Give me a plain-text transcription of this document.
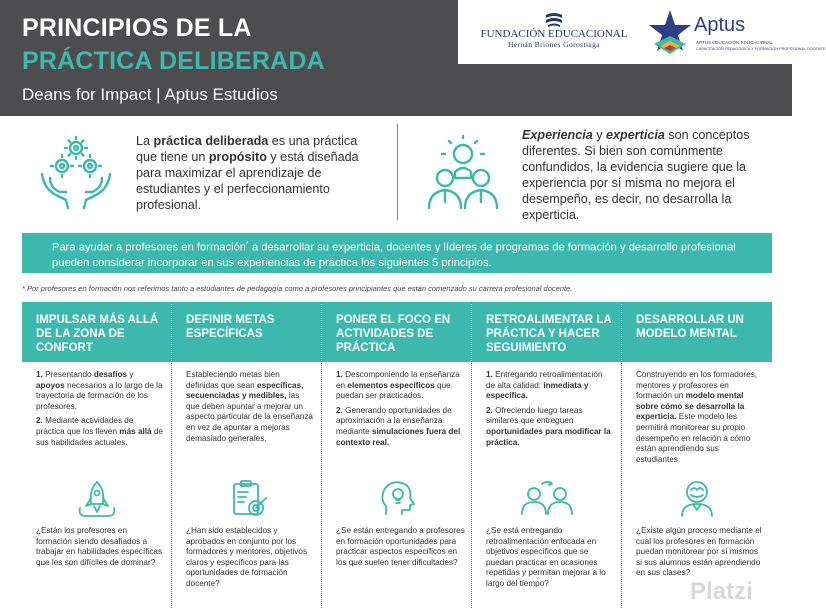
PRINCIPIOS DE LA
PRÁCTICA DELIBERADA
Deans for Impact | Aptus Estudios
FUNDACIÓN EDUCACIONAL
Hernán Briones Gorostiaga
Aptus
APTUS EDUCACIÓN EDUCACIONAL
CAPACITACIÓN PEDAGÓGICA Y FORMACIÓN PROFESIONAL DOCENTE
La práctica deliberada es una práctica que tiene un propósito y está diseñada para maximizar el aprendizaje de estudiantes y el perfeccionamiento profesional.
Experiencia y experticia son conceptos diferentes. Si bien son comúnmente confundidos, la evidencia sugiere que la experiencia por sí misma no mejora el desempeño, es decir, no desarrolla la experticia.
Para ayudar a profesores en formación* a desarrollar su experticia, docentes y líderes de programas de formación y desarrollo profesional pueden considerar incorporar en sus experiencias de práctica los siguientes 5 principios.
* Por profesores en formación nos referimos tanto a estudiantes de pedagogía como a profesores principiantes que están comenzado su carrera profesional docente.
IMPULSAR MÁS ALLÁ DE LA ZONA DE CONFORT

1. Presentando desafíos y apoyos necesarios a lo largo de la trayectoria de formación de los profesores.

2. Mediante actividades de práctica que los lleven más allá de sus habilidades actuales.

¿Están los profesores en formación siendo desafiados a trabajar en habilidades específicas que les son difíciles de dominar?
DEFINIR METAS ESPECÍFICAS

Estableciendo metas bien definidas que sean específicas, secuenciadas y medibles, las que deben apuntar a mejorar un aspecto particular de la enseñanza en vez de apuntar a mejoras demasiado generales.

¿Han sido establecidos y aprobados en conjunto por los formadores y mentores, objetivos claros y específicos para las oportunidades de formación docente?
PONER EL FOCO EN ACTIVIDADES DE PRÁCTICA

1. Descomponiendo la enseñanza en elementos específicos que puedan ser practicados.

2. Generando oportunidades de aproximación a la enseñanza mediante simulaciones fuera del contexto real.

¿Se están entregando a profesores en formación oportunidades para practicar aspectos específicos en los que suelen tener dificultades?
RETROALIMENTAR LA PRÁCTICA Y HACER SEGUIMIENTO

1. Entregando retroalimentación de alta calidad: inmediata y específica.

2. Ofreciendo luego tareas similares que entreguen oportunidades para modificar la práctica.

¿Se está entregando retroalimentación enfocada en objetivos específicos que se puedan practicar en ocasiones repetidas y permitan mejorar a lo largo del tiempo?
DESARROLLAR UN MODELO MENTAL

Construyendo en los formadores, mentores y profesores en formación un modelo mental sobre cómo se desarrolla la experticia. Este modelo les permitirá monitorear su propio desempeño en relación a cómo están aprendiendo sus estudiantes.

¿Existe algún proceso mediante el cual los profesores en formación puedan monitorear por sí mismos si sus alumnos están aprendiendo en sus clases?
Platzi
